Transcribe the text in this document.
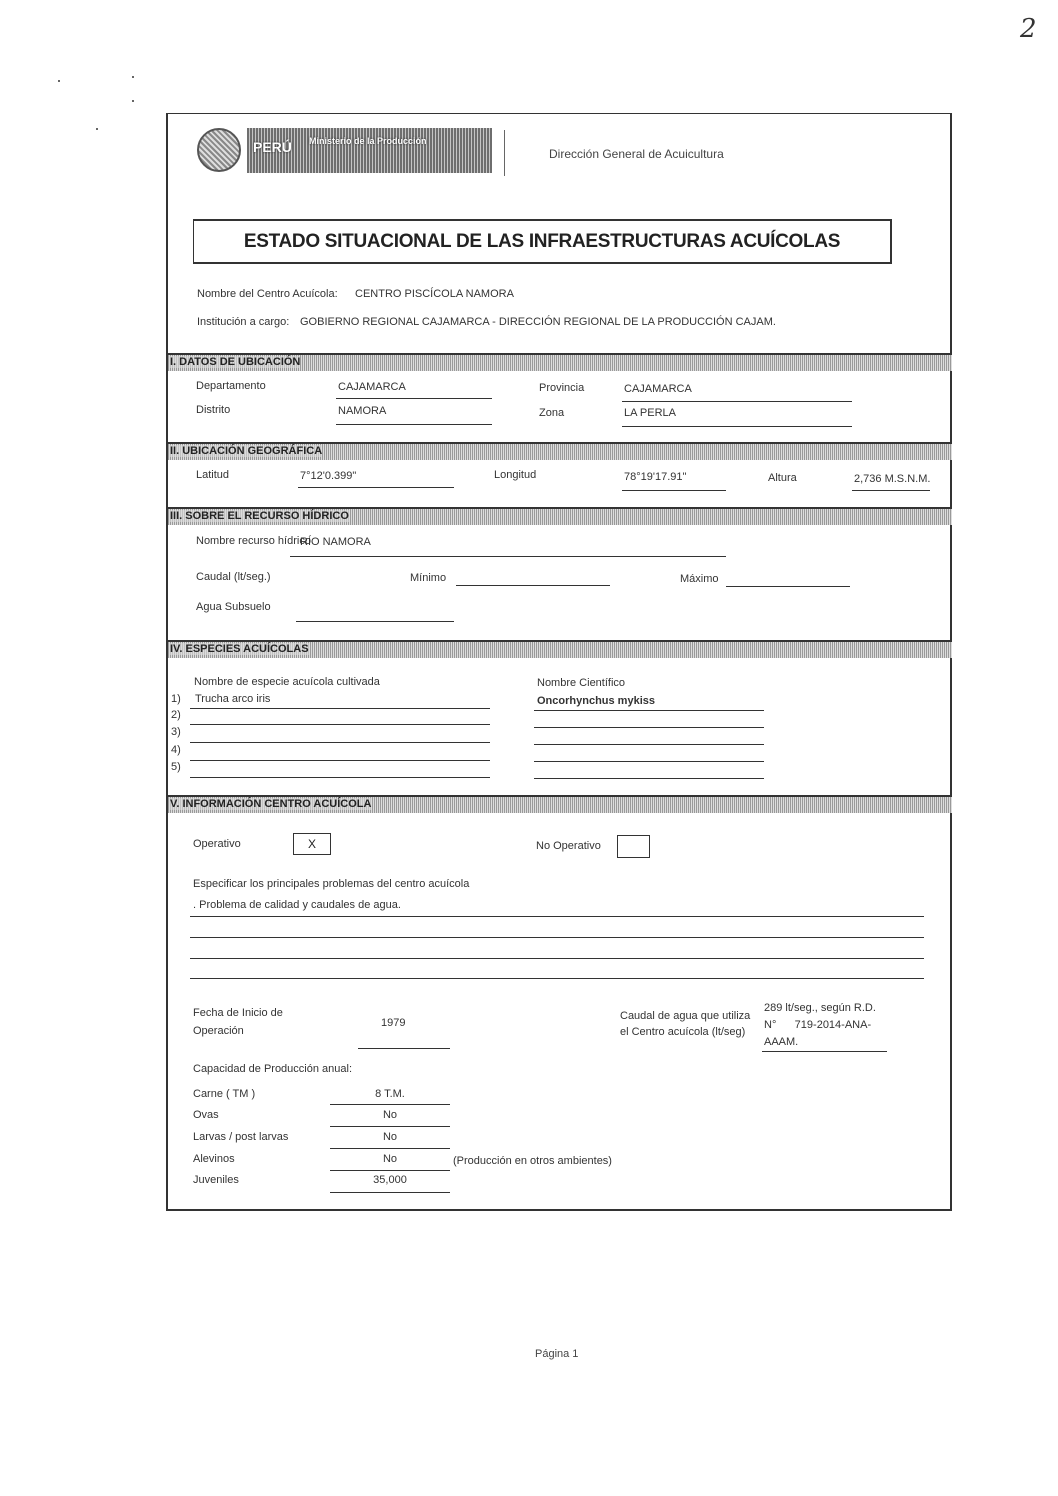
2
PERÚ Ministerio de la Producción
Dirección General de Acuicultura
ESTADO SITUACIONAL DE LAS INFRAESTRUCTURAS ACUÍCOLAS
Nombre del Centro Acuícola: CENTRO PISCÍCOLA NAMORA
Institución a cargo: GOBIERNO REGIONAL CAJAMARCA - DIRECCIÓN REGIONAL DE LA PRODUCCIÓN CAJAM.
I. DATOS DE UBICACIÓN
Departamento	CAJAMARCA	Provincia	CAJAMARCA
Distrito	NAMORA	Zona	LA PERLA
II. UBICACIÓN GEOGRÁFICA
Latitud	7°12'0.399"	Longitud	78°19'17.91"	Altura	2,736 M.S.N.M.
III. SOBRE EL RECURSO HÍDRICO
Nombre recurso hídrico
RÍO NAMORA
Caudal (lt/seg.)	Mínimo	Máximo
Agua Subsuelo
IV. ESPECIES ACUÍCOLAS
Nombre de especie acuícola cultivada	Nombre Científico
1) Trucha arco iris	Oncorhynchus mykiss
2)
3)
4)
5)
V. INFORMACIÓN CENTRO ACUÍCOLA
Operativo	X	No Operativo
Especificar los principales problemas del centro acuícola
. Problema de calidad y caudales de agua.
Fecha de Inicio de
Operación
1979
Caudal de agua que utiliza
el Centro acuícola (lt/seg)
289 lt/seg., según R.D.
N°      719-2014-ANA-
AAAM.
Capacidad de Producción anual:
Carne ( TM )	8 T.M.
Ovas	No
Larvas / post larvas	No
Alevinos	No	(Producción en otros ambientes)
Juveniles	35,000
Página 1
